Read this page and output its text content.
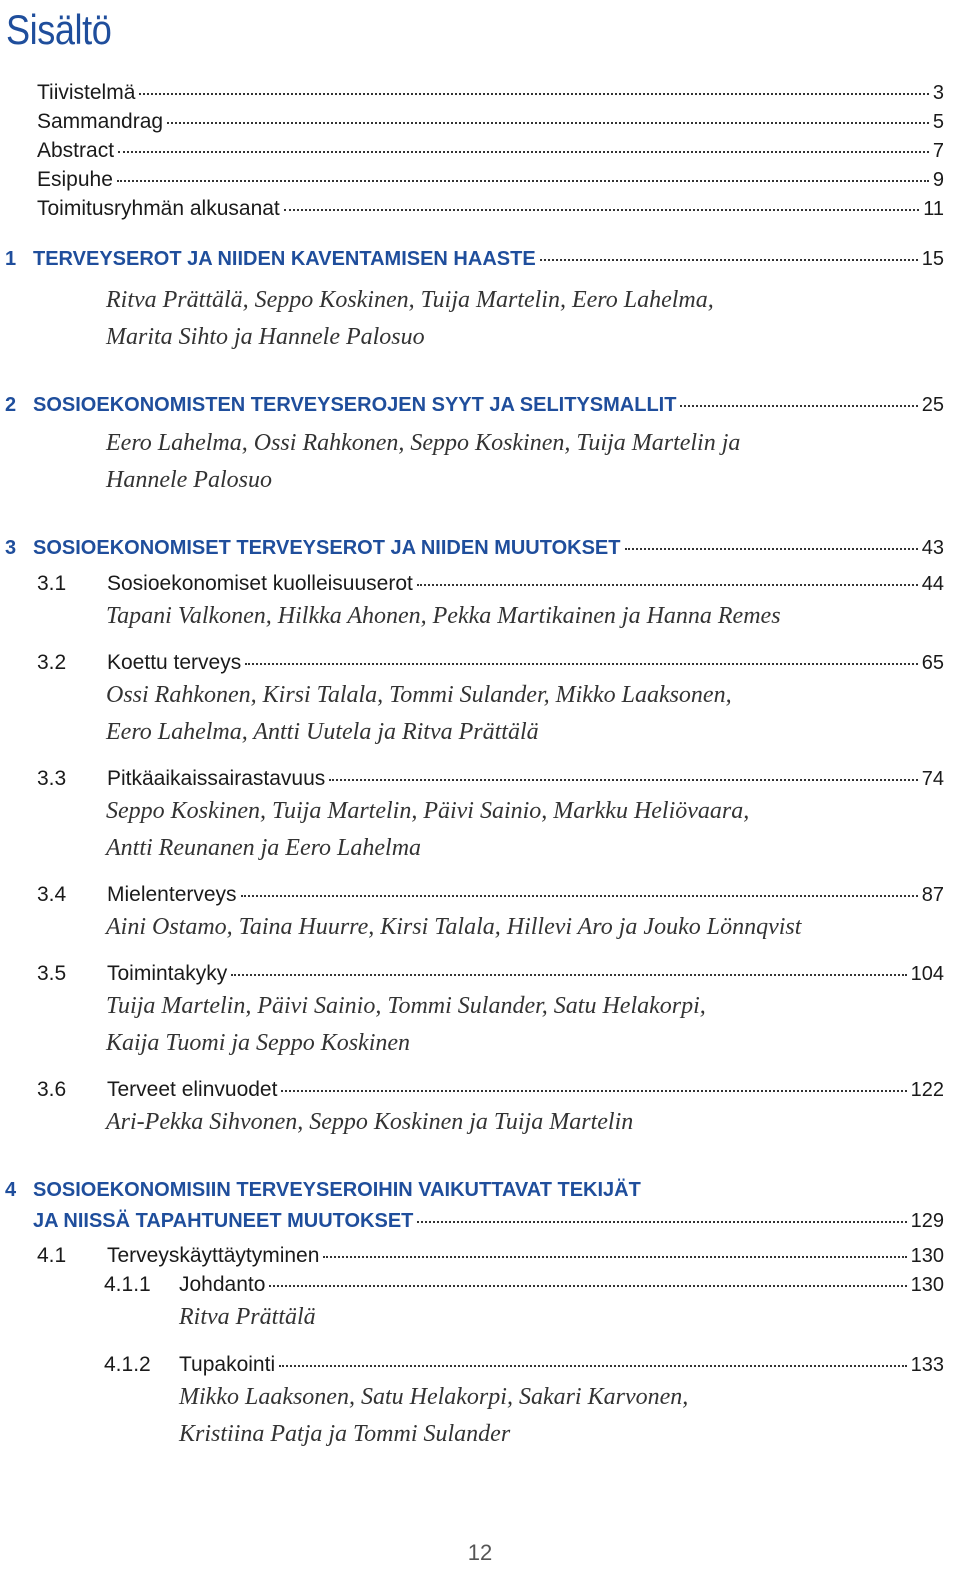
Sisältö
Tiivistelmä	3
Sammandrag	5
Abstract	7
Esipuhe	9
Toimitusryhmän alkusanat	11
1 TERVEYSEROT JA NIIDEN KAVENTAMISEN HAASTE	15
Ritva Prättälä, Seppo Koskinen, Tuija Martelin, Eero Lahelma,
Marita Sihto ja Hannele Palosuo
2 SOSIOEKONOMISTEN TERVEYSEROJEN SYYT JA SELITYSMALLIT	25
Eero Lahelma, Ossi Rahkonen, Seppo Koskinen, Tuija Martelin ja
Hannele Palosuo
3 SOSIOEKONOMISET TERVEYSEROT JA NIIDEN MUUTOKSET	43
3.1	Sosioekonomiset kuolleisuuserot	44
Tapani Valkonen, Hilkka Ahonen, Pekka Martikainen ja Hanna Remes
3.2	Koettu terveys	65
Ossi Rahkonen, Kirsi Talala, Tommi Sulander, Mikko Laaksonen,
Eero Lahelma, Antti Uutela ja Ritva Prättälä
3.3	Pitkäaikaissairastavuus	74
Seppo Koskinen, Tuija Martelin, Päivi Sainio, Markku Heliövaara,
Antti Reunanen ja Eero Lahelma
3.4	Mielenterveys	87
Aini Ostamo, Taina Huurre, Kirsi Talala, Hillevi Aro ja Jouko Lönnqvist
3.5	Toimintakyky	104
Tuija Martelin, Päivi Sainio, Tommi Sulander, Satu Helakorpi,
Kaija Tuomi ja Seppo Koskinen
3.6	Terveet elinvuodet	122
Ari-Pekka Sihvonen, Seppo Koskinen ja Tuija Martelin
4 SOSIOEKONOMISIIN TERVEYSEROIHIN VAIKUTTAVAT TEKIJÄT
JA NIISSÄ TAPAHTUNEET MUUTOKSET	129
4.1	Terveyskäyttäytyminen	130
4.1.1	Johdanto	130
Ritva Prättälä
4.1.2	Tupakointi	133
Mikko Laaksonen, Satu Helakorpi, Sakari Karvonen,
Kristiina Patja ja Tommi Sulander
12
